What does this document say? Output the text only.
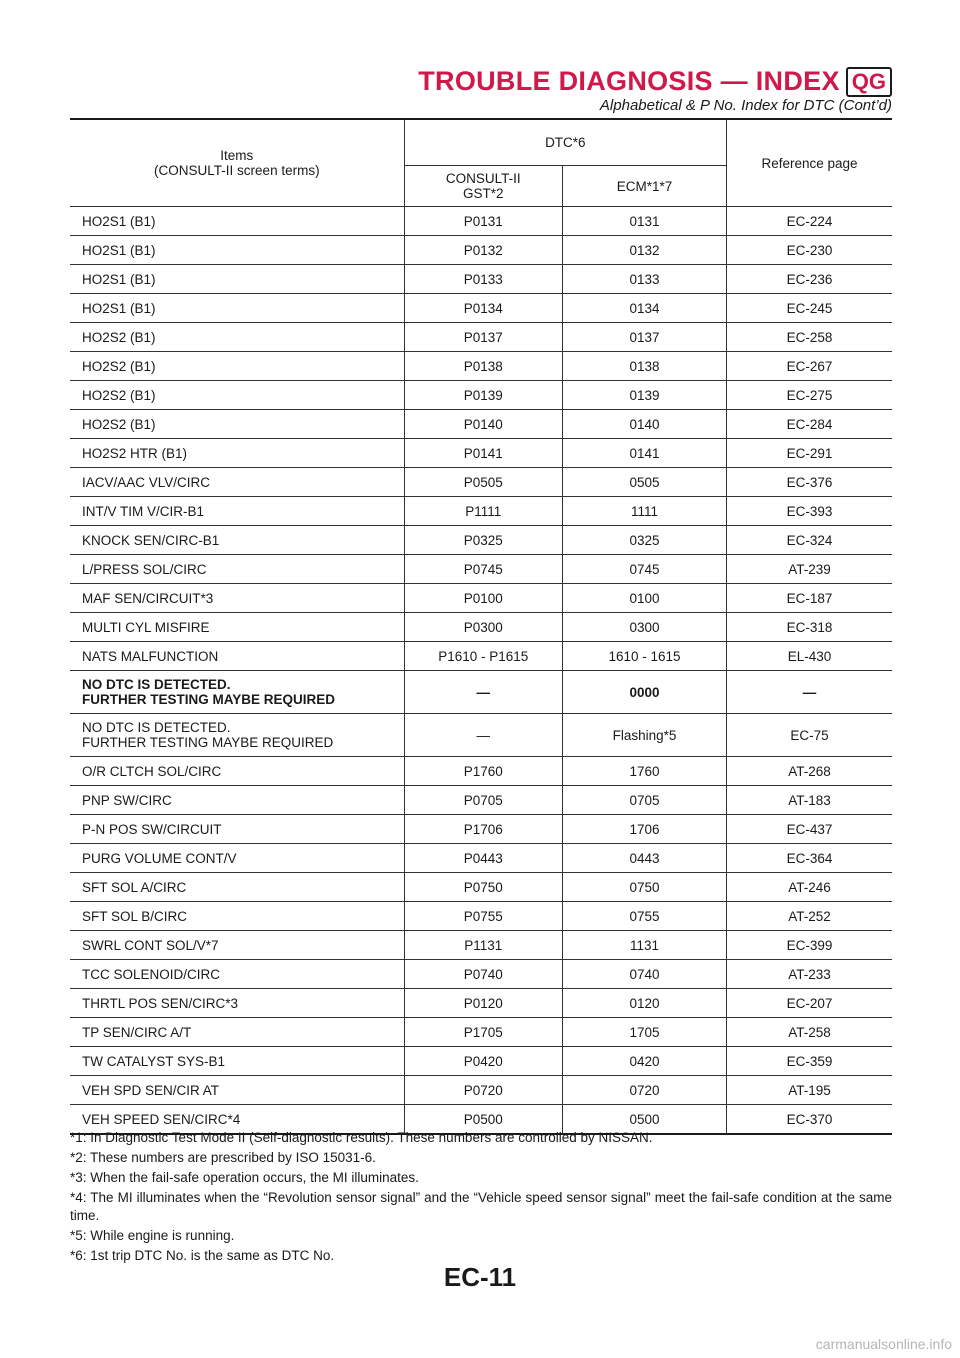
TROUBLE DIAGNOSIS — INDEX QG
Alphabetical & P No. Index for DTC (Cont’d)
Items
(CONSULT-II screen terms)	DTC*6		Reference page
	CONSULT-II
GST*2	ECM*1*7	
HO2S1 (B1)	P0131	0131	EC-224
HO2S1 (B1)	P0132	0132	EC-230
HO2S1 (B1)	P0133	0133	EC-236
HO2S1 (B1)	P0134	0134	EC-245
HO2S2 (B1)	P0137	0137	EC-258
HO2S2 (B1)	P0138	0138	EC-267
HO2S2 (B1)	P0139	0139	EC-275
HO2S2 (B1)	P0140	0140	EC-284
HO2S2 HTR (B1)	P0141	0141	EC-291
IACV/AAC VLV/CIRC	P0505	0505	EC-376
INT/V TIM V/CIR-B1	P1111	1111	EC-393
KNOCK SEN/CIRC-B1	P0325	0325	EC-324
L/PRESS SOL/CIRC	P0745	0745	AT-239
MAF SEN/CIRCUIT*3	P0100	0100	EC-187
MULTI CYL MISFIRE	P0300	0300	EC-318
NATS MALFUNCTION	P1610 - P1615	1610 - 1615	EL-430
NO DTC IS DETECTED.
FURTHER TESTING MAYBE REQUIRED	—	0000	—
NO DTC IS DETECTED.
FURTHER TESTING MAYBE REQUIRED	—	Flashing*5	EC-75
O/R CLTCH SOL/CIRC	P1760	1760	AT-268
PNP SW/CIRC	P0705	0705	AT-183
P-N POS SW/CIRCUIT	P1706	1706	EC-437
PURG VOLUME CONT/V	P0443	0443	EC-364
SFT SOL A/CIRC	P0750	0750	AT-246
SFT SOL B/CIRC	P0755	0755	AT-252
SWRL CONT SOL/V*7	P1131	1131	EC-399
TCC SOLENOID/CIRC	P0740	0740	AT-233
THRTL POS SEN/CIRC*3	P0120	0120	EC-207
TP SEN/CIRC A/T	P1705	1705	AT-258
TW CATALYST SYS-B1	P0420	0420	EC-359
VEH SPD SEN/CIR AT	P0720	0720	AT-195
VEH SPEED SEN/CIRC*4	P0500	0500	EC-370

*1: In Diagnostic Test Mode II (Self-diagnostic results). These numbers are controlled by NISSAN.

*2: These numbers are prescribed by ISO 15031-6.

*3: When the fail-safe operation occurs, the MI illuminates.

*4: The MI illuminates when the “Revolution sensor signal” and the “Vehicle speed sensor signal” meet the fail-safe condition at the same time.

*5: While engine is running.

*6: 1st trip DTC No. is the same as DTC No.

EC-11
carmanualsonline.info
